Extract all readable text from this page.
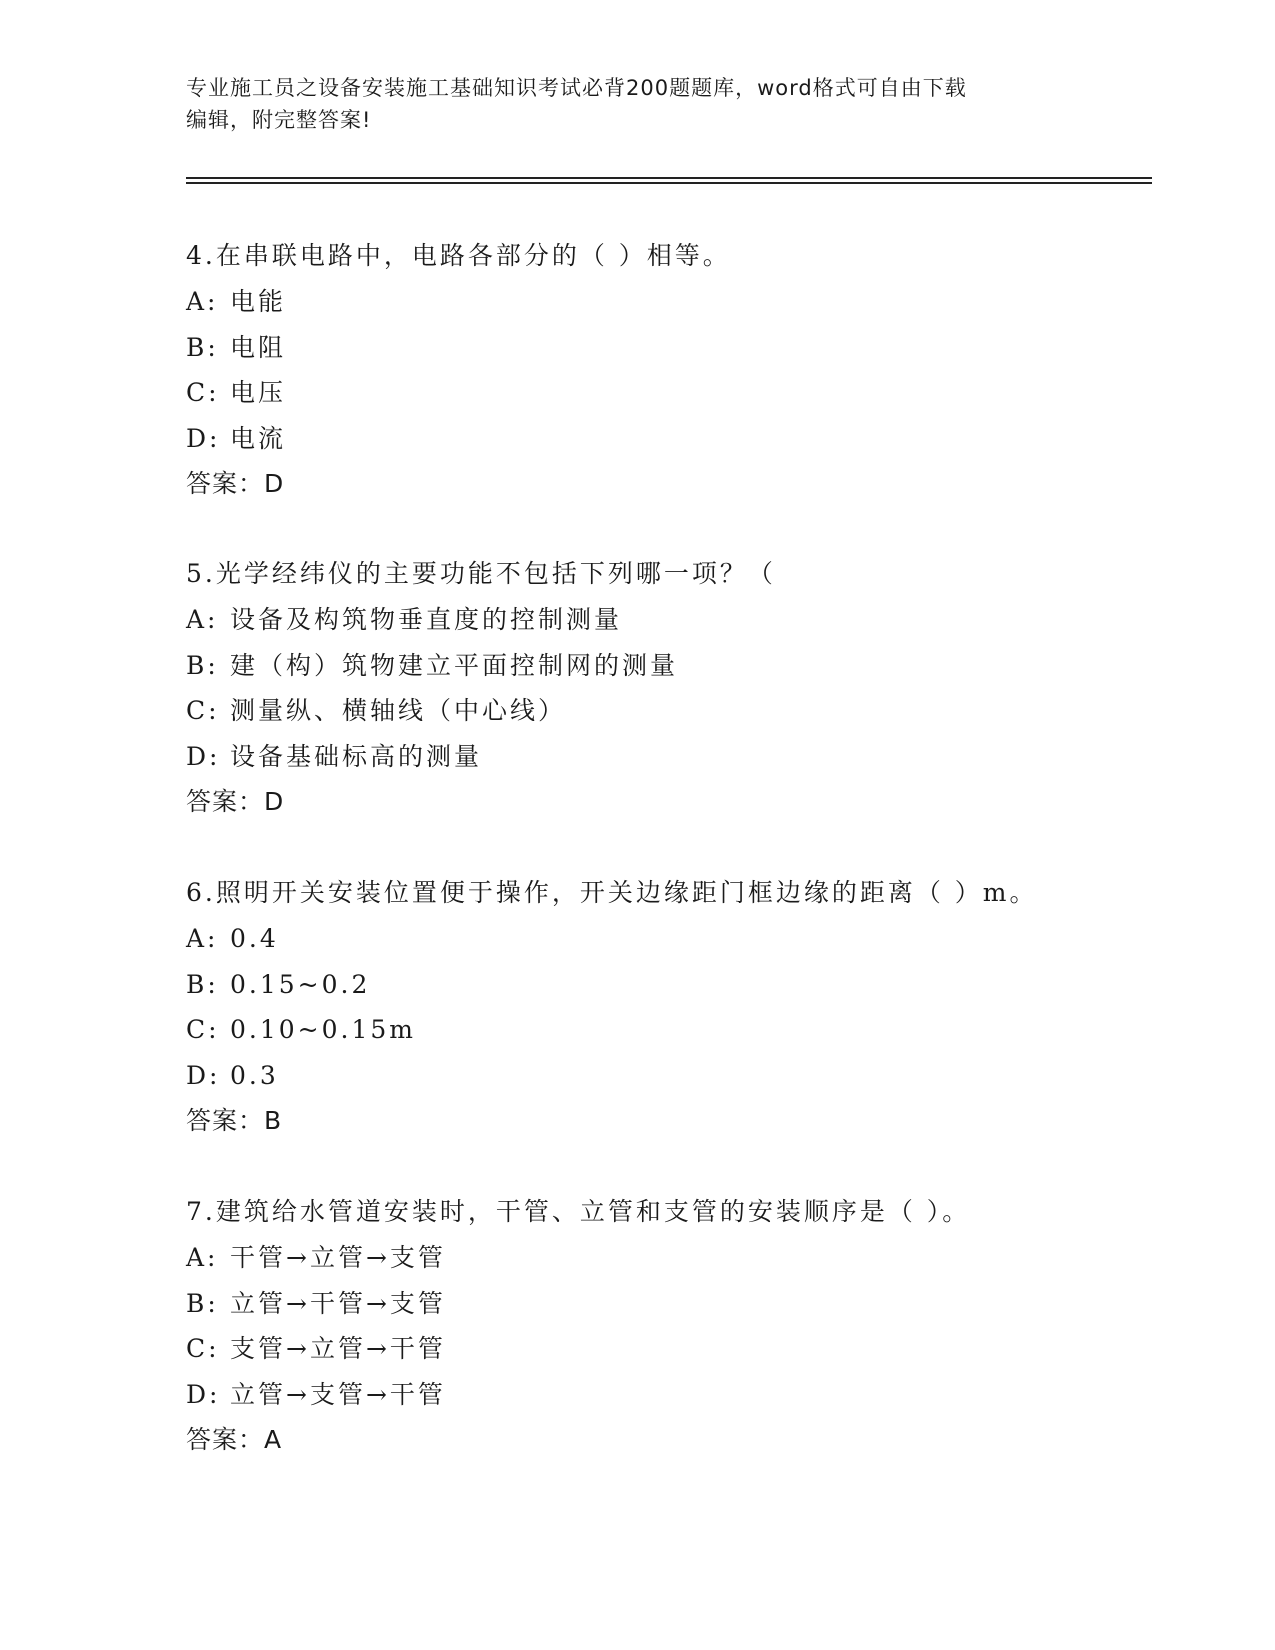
专业施工员之设备安装施工基础知识考试必背200题题库，word格式可自由下载
编辑，附完整答案!
4.在串联电路中，电路各部分的（ ）相等。
A: 电能
B: 电阻
C: 电压
D: 电流
答案：D
5.光学经纬仪的主要功能不包括下列哪一项？（
A: 设备及构筑物垂直度的控制测量
B: 建（构）筑物建立平面控制网的测量
C: 测量纵、横轴线（中心线）
D: 设备基础标高的测量
答案：D
6.照明开关安装位置便于操作，开关边缘距门框边缘的距离（ ）m。
A: 0.4
B: 0.15~0.2
C: 0.10~0.15m
D: 0.3
答案：B
7.建筑给水管道安装时，干管、立管和支管的安装顺序是（ ）。
A: 干管→立管→支管
B: 立管→干管→支管
C: 支管→立管→干管
D: 立管→支管→干管
答案：A
